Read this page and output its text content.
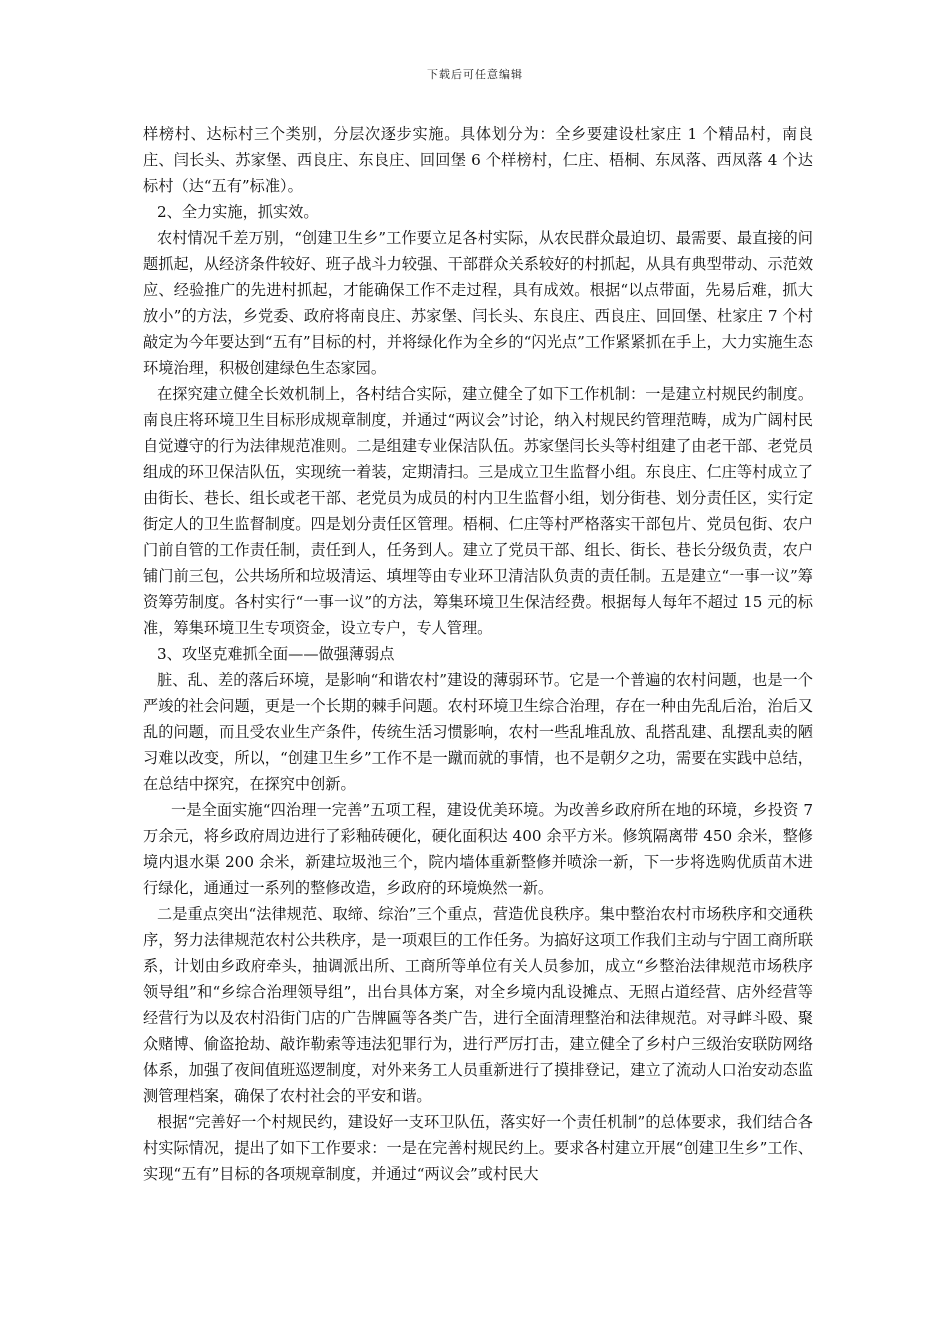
下载后可任意编辑

样榜村、达标村三个类别，分层次逐步实施。具体划分为：全乡要建设杜家庄 1 个精品村，南良庄、闫长头、苏家堡、西良庄、东良庄、回回堡 6 个样榜村，仁庄、梧桐、东凤落、西凤落 4 个达标村（达“五有”标准）。

2、全力实施，抓实效。

农村情况千差万别，“创建卫生乡”工作要立足各村实际，从农民群众最迫切、最需要、最直接的问题抓起，从经济条件较好、班子战斗力较强、干部群众关系较好的村抓起，从具有典型带动、示范效应、经验推广的先进村抓起，才能确保工作不走过程，具有成效。根据“以点带面，先易后难，抓大放小”的方法，乡党委、政府将南良庄、苏家堡、闫长头、东良庄、西良庄、回回堡、杜家庄 7 个村敲定为今年要达到“五有”目标的村，并将绿化作为全乡的“闪光点”工作紧紧抓在手上，大力实施生态环境治理，积极创建绿色生态家园。

在探究建立健全长效机制上，各村结合实际，建立健全了如下工作机制：一是建立村规民约制度。南良庄将环境卫生目标形成规章制度，并通过“两议会”讨论，纳入村规民约管理范畴，成为广阔村民自觉遵守的行为法律规范准则。二是组建专业保洁队伍。苏家堡闫长头等村组建了由老干部、老党员组成的环卫保洁队伍，实现统一着装，定期清扫。三是成立卫生监督小组。东良庄、仁庄等村成立了由街长、巷长、组长或老干部、老党员为成员的村内卫生监督小组，划分街巷、划分责任区，实行定街定人的卫生监督制度。四是划分责任区管理。梧桐、仁庄等村严格落实干部包片、党员包街、农户门前自管的工作责任制，责任到人，任务到人。建立了党员干部、组长、街长、巷长分级负责，农户铺门前三包，公共场所和垃圾清运、填埋等由专业环卫清洁队负责的责任制。五是建立“一事一议”筹资筹劳制度。各村实行“一事一议”的方法，筹集环境卫生保洁经费。根据每人每年不超过 15 元的标准，筹集环境卫生专项资金，设立专户，专人管理。

3、攻坚克难抓全面——做强薄弱点

脏、乱、差的落后环境，是影响“和谐农村”建设的薄弱环节。它是一个普遍的农村问题，也是一个严竣的社会问题，更是一个长期的棘手问题。农村环境卫生综合治理，存在一种由先乱后治，治后又乱的问题，而且受农业生产条件，传统生活习惯影响，农村一些乱堆乱放、乱搭乱建、乱摆乱卖的陋习难以改变，所以，“创建卫生乡”工作不是一蹴而就的事情，也不是朝夕之功，需要在实践中总结，在总结中探究，在探究中创新。

一是全面实施“四治理一完善”五项工程，建设优美环境。为改善乡政府所在地的环境，乡投资 7 万余元，将乡政府周边进行了彩釉砖硬化，硬化面积达 400 余平方米。修筑隔离带 450 余米，整修境内退水渠 200 余米，新建垃圾池三个，院内墙体重新整修并喷涂一新，下一步将选购优质苗木进行绿化，通通过一系列的整修改造，乡政府的环境焕然一新。

二是重点突出“法律规范、取缔、综治”三个重点，营造优良秩序。集中整治农村市场秩序和交通秩序，努力法律规范农村公共秩序，是一项艰巨的工作任务。为搞好这项工作我们主动与宁固工商所联系，计划由乡政府牵头，抽调派出所、工商所等单位有关人员参加，成立“乡整治法律规范市场秩序领导组”和“乡综合治理领导组”，出台具体方案，对全乡境内乱设摊点、无照占道经营、店外经营等经营行为以及农村沿街门店的广告牌匾等各类广告，进行全面清理整治和法律规范。对寻衅斗殴、聚众赌博、偷盗抢劫、敲诈勒索等违法犯罪行为，进行严厉打击，建立健全了乡村户三级治安联防网络体系，加强了夜间值班巡逻制度，对外来务工人员重新进行了摸排登记，建立了流动人口治安动态监测管理档案，确保了农村社会的平安和谐。

根据“完善好一个村规民约，建设好一支环卫队伍，落实好一个责任机制”的总体要求，我们结合各村实际情况，提出了如下工作要求：一是在完善村规民约上。要求各村建立开展“创建卫生乡”工作、实现“五有”目标的各项规章制度，并通过“两议会”或村民大
